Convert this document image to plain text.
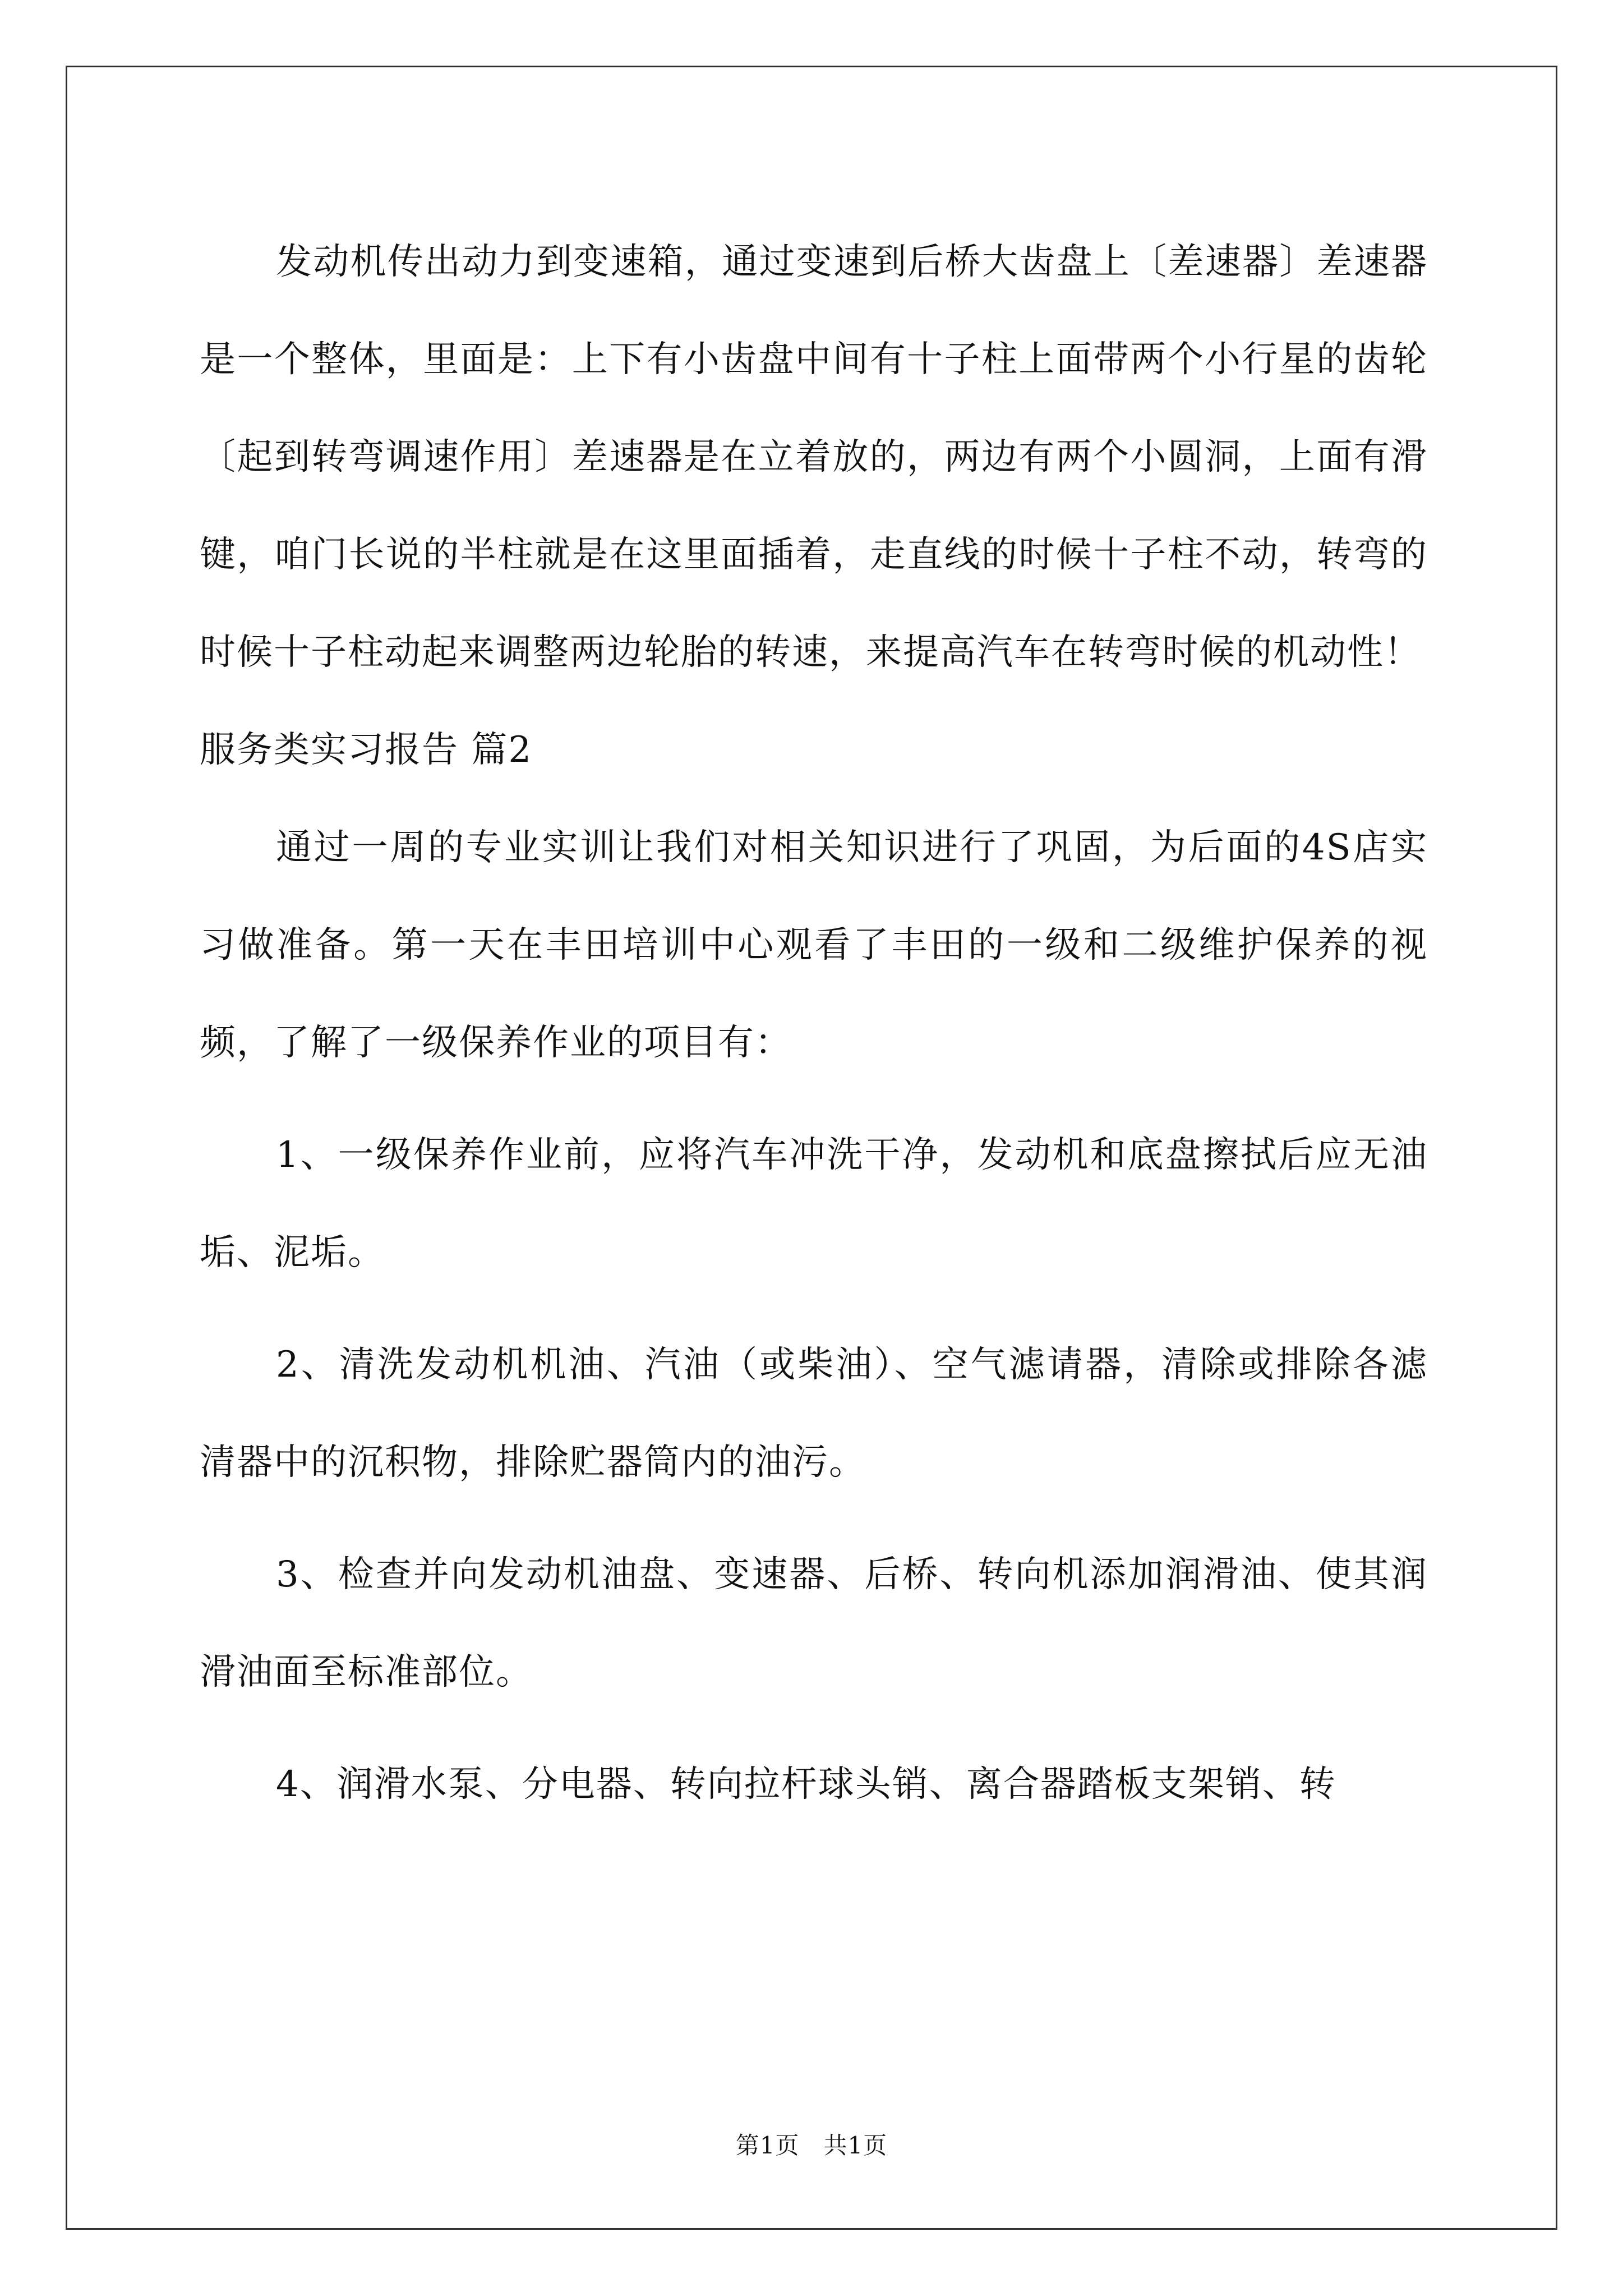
发动机传出动力到变速箱，通过变速到后桥大齿盘上〔差速器〕差速器是一个整体，里面是：上下有小齿盘中间有十子柱上面带两个小行星的齿轮〔起到转弯调速作用〕差速器是在立着放的，两边有两个小圆洞，上面有滑键，咱门长说的半柱就是在这里面插着，走直线的时候十子柱不动，转弯的时候十子柱动起来调整两边轮胎的转速，来提高汽车在转弯时候的机动性！

服务类实习报告 篇2

通过一周的专业实训让我们对相关知识进行了巩固，为后面的4S店实习做准备。第一天在丰田培训中心观看了丰田的一级和二级维护保养的视频，了解了一级保养作业的项目有：

1、一级保养作业前，应将汽车冲洗干净，发动机和底盘擦拭后应无油垢、泥垢。

2、清洗发动机机油、汽油（或柴油）、空气滤请器，清除或排除各滤清器中的沉积物，排除贮器筒内的油污。

3、检查并向发动机油盘、变速器、后桥、转向机添加润滑油、使其润滑油面至标准部位。

4、润滑水泵、分电器、转向拉杆球头销、离合器踏板支架销、转

第1页　共1页
